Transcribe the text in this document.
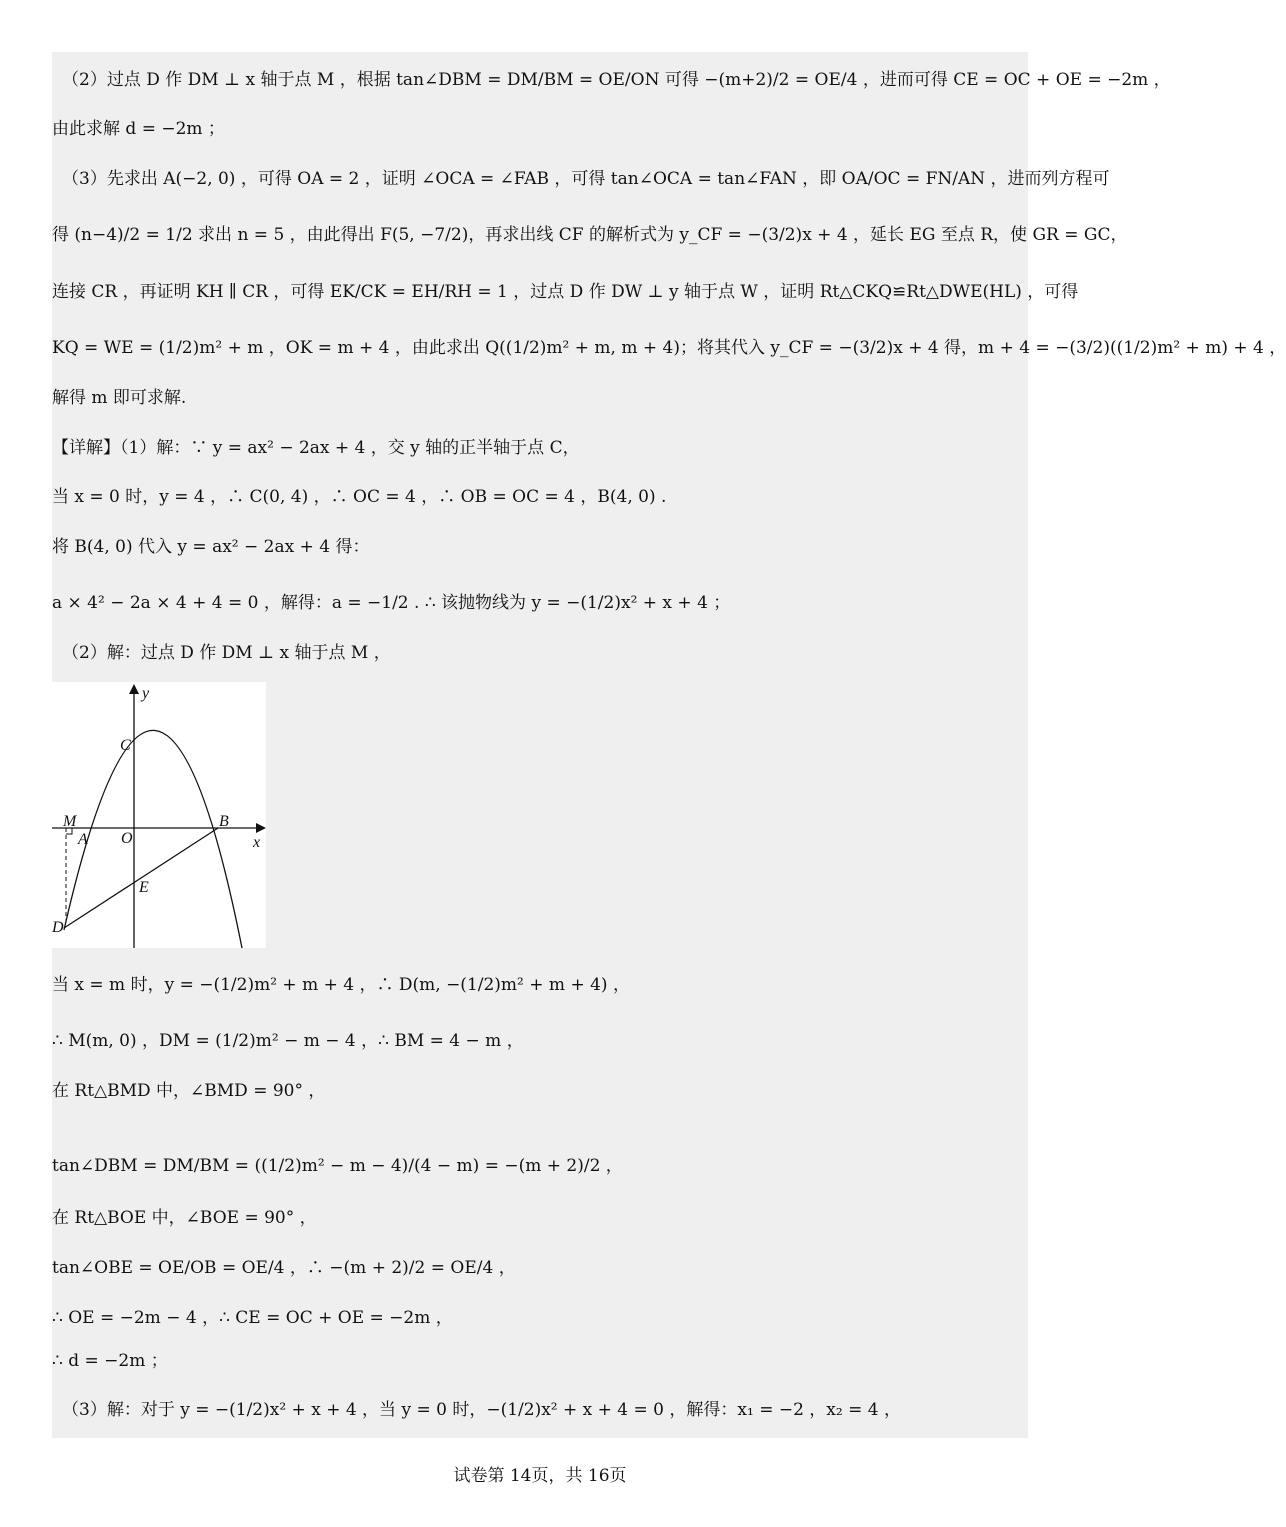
（2）过点 D 作 DM ⊥ x 轴于点 M ，根据 tan∠DBM = DM/BM = OE/ON 可得 −(m+2)/2 = OE/4 ，进而可得 CE = OC + OE = −2m ，
由此求解 d = −2m ；
（3）先求出 A(−2, 0) ，可得 OA = 2 ，证明 ∠OCA = ∠FAB ，可得 tan∠OCA = tan∠FAN ，即 OA/OC = FN/AN ，进而列方程可
得 (n−4)/2 = 1/2 求出 n = 5 ，由此得出 F(5, −7/2)，再求出线 CF 的解析式为 y_CF = −(3/2)x + 4 ，延长 EG 至点 R，使 GR = GC，
连接 CR ，再证明 KH ∥ CR ，可得 EK/CK = EH/RH = 1 ，过点 D 作 DW ⊥ y 轴于点 W ，证明 Rt△CKQ≌Rt△DWE(HL) ，可得
KQ = WE = (1/2)m² + m ，OK = m + 4 ，由此求出 Q((1/2)m² + m, m + 4)；将其代入 y_CF = −(3/2)x + 4 得，m + 4 = −(3/2)((1/2)m² + m) + 4 ，
解得 m 即可求解.
【详解】（1）解：∵ y = ax² − 2ax + 4 ，交 y 轴的正半轴于点 C，
当 x = 0 时，y = 4 ，∴ C(0, 4) ，∴ OC = 4 ，∴ OB = OC = 4 ，B(4, 0) .
将 B(4, 0) 代入 y = ax² − 2ax + 4 得：
a × 4² − 2a × 4 + 4 = 0 ，解得：a = −1/2 . ∴ 该抛物线为 y = −(1/2)x² + x + 4 ；
（2）解：过点 D 作 DM ⊥ x 轴于点 M ，
y
x
C
M
A O
B
E
D
当 x = m 时，y = −(1/2)m² + m + 4 ，∴ D(m, −(1/2)m² + m + 4) ，
∴ M(m, 0) ，DM = (1/2)m² − m − 4 ，∴ BM = 4 − m ，
在 Rt△BMD 中，∠BMD = 90° ，
tan∠DBM = DM/BM = ((1/2)m² − m − 4)/(4 − m) = −(m + 2)/2 ，
在 Rt△BOE 中，∠BOE = 90° ，
tan∠OBE = OE/OB = OE/4 ，∴ −(m + 2)/2 = OE/4 ，
∴ OE = −2m − 4 ，∴ CE = OC + OE = −2m ，
∴ d = −2m ；
（3）解：对于 y = −(1/2)x² + x + 4 ，当 y = 0 时，−(1/2)x² + x + 4 = 0 ，解得：x₁ = −2 ，x₂ = 4 ，
试卷第 14页，共 16页
